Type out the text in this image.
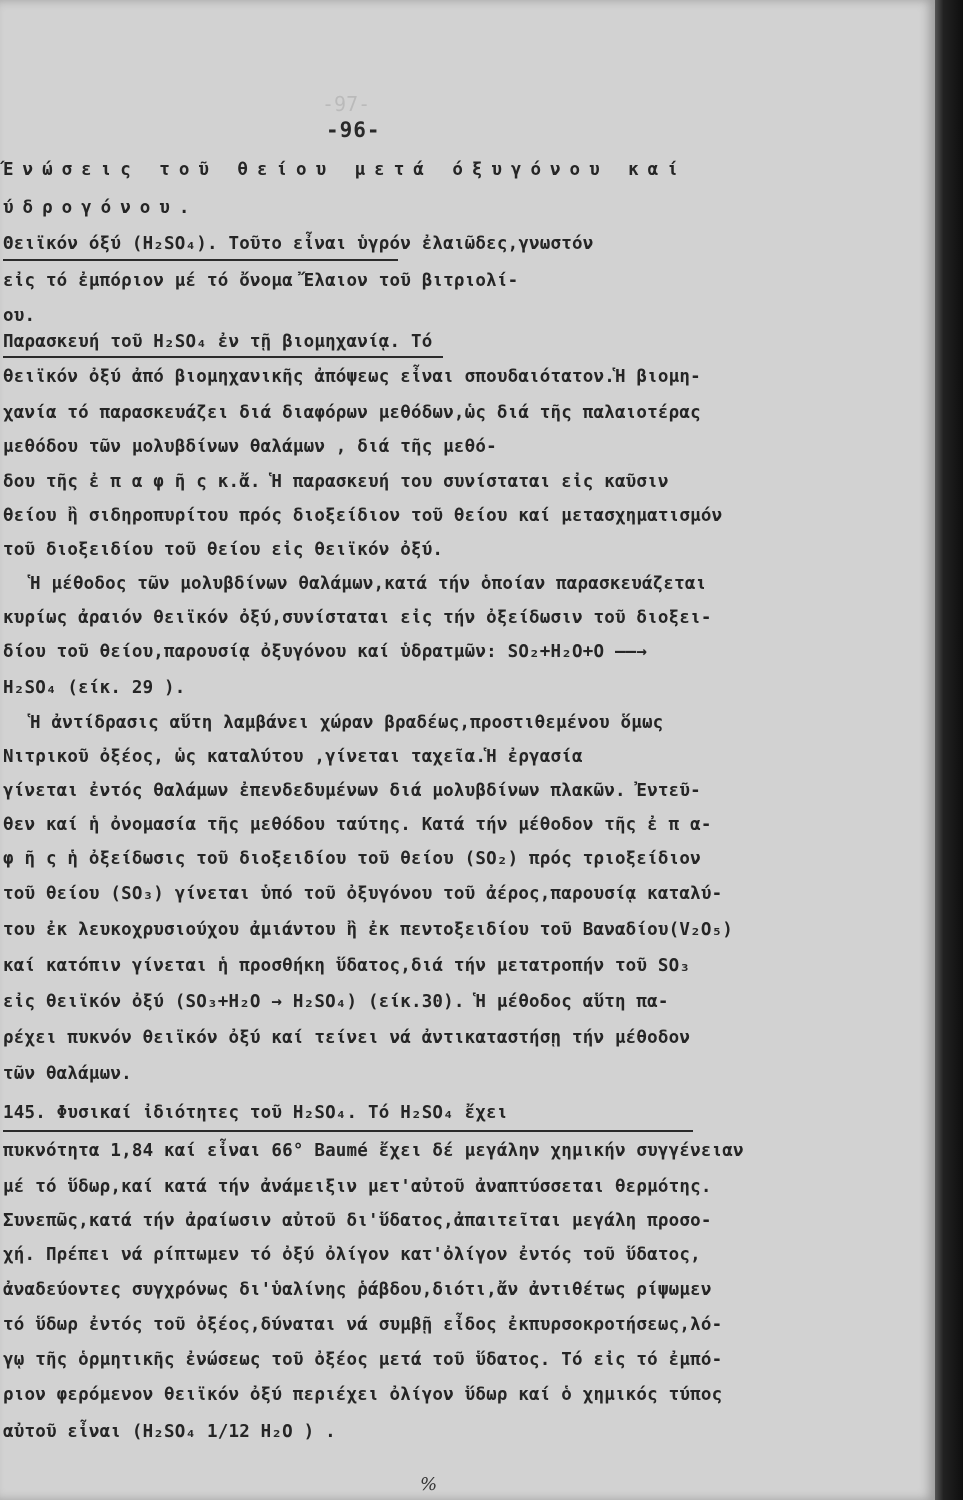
-97-
-96-
Ένώσεις τοῦ θείου μετά όξυγόνου καί
ύδρογόνου.
Θειϊκόν όξύ (H₂SO₄). Τοῦτο εἶναι ὑγρόν ἐλαιῶδες,γνωστόν
εἰς τό ἐμπόριον μέ τό ὄνομα Ἔλαιον τοῦ βιτριολί-
ου.
Παρασκευή τοῦ H₂SO₄ ἐν τῇ βιομηχανίᾳ. Τό
θειϊκόν ὀξύ ἀπό βιομηχανικῆς ἀπόψεως εἶναι σπουδαιότατον.Ἡ βιομη-
χανία τό παρασκευάζει διά διαφόρων μεθόδων,ὡς διά τῆς παλαιοτέρας
μεθόδου τῶν μολυβδίνων θαλάμων , διά τῆς μεθό-
δου τῆς ἐ π α φ ῆ ς κ.ἄ. Ἡ παρασκευή του συνίσταται εἰς καῦσιν
θείου ἢ σιδηροπυρίτου πρός διοξείδιον τοῦ θείου καί μετασχηματισμόν
τοῦ διοξειδίου τοῦ θείου εἰς θειϊκόν ὀξύ.
Ἡ μέθοδος τῶν μολυβδίνων θαλάμων,κατά τήν ὁποίαν παρασκευάζεται
κυρίως ἀραιόν θειϊκόν ὀξύ,συνίσταται εἰς τήν ὀξείδωσιν τοῦ διοξει-
δίου τοῦ θείου,παρουσίᾳ ὀξυγόνου καί ὑδρατμῶν: SO₂+H₂O+O ——→
H₂SO₄ (είκ. 29 ).
Ἡ ἀντίδρασις αὕτη λαμβάνει χώραν βραδέως,προστιθεμένου ὅμως
Νιτρικοῦ ὀξέος, ὡς καταλύτου ,γίνεται ταχεῖα.Ἡ ἐργασία
γίνεται ἐντός θαλάμων ἐπενδεδυμένων διά μολυβδίνων πλακῶν. Ἐντεῦ-
θεν καί ἡ ὀνομασία τῆς μεθόδου ταύτης. Κατά τήν μέθοδον τῆς ἐ π α-
φ ῆ ς ἡ ὀξείδωσις τοῦ διοξειδίου τοῦ θείου (SO₂) πρός τριοξείδιον
τοῦ θείου (SO₃) γίνεται ὑπό τοῦ ὀξυγόνου τοῦ ἀέρος,παρουσίᾳ καταλύ-
του ἐκ λευκοχρυσιούχου ἀμιάντου ἢ ἐκ πεντοξειδίου τοῦ Βαναδίου(V₂O₅)
καί κατόπιν γίνεται ἡ προσθήκη ὕδατος,διά τήν μετατροπήν τοῦ SO₃
εἰς θειϊκόν ὀξύ (SO₃+H₂O → H₂SO₄) (είκ.30). Ἡ μέθοδος αὕτη πα-
ρέχει πυκνόν θειϊκόν ὀξύ καί τείνει νά ἀντικαταστήσῃ τήν μέθοδον
τῶν θαλάμων.
145. Φυσικαί ἰδιότητες τοῦ H₂SO₄. Τό H₂SO₄ ἔχει
πυκνότητα 1,84 καί εἶναι 66° Baumé ἔχει δέ μεγάλην χημικήν συγγένειαν
μέ τό ὕδωρ,καί κατά τήν ἀνάμειξιν μετ'αὐτοῦ ἀναπτύσσεται θερμότης.
Συνεπῶς,κατά τήν ἀραίωσιν αὐτοῦ δι'ὕδατος,ἀπαιτεῖται μεγάλη προσο-
χή. Πρέπει νά ρίπτωμεν τό ὀξύ ὀλίγον κατ'ὀλίγον ἐντός τοῦ ὕδατος,
ἀναδεύοντες συγχρόνως δι'ὑαλίνης ῥάβδου,διότι,ἄν ἀντιθέτως ρίψωμεν
τό ὕδωρ ἐντός τοῦ ὀξέος,δύναται νά συμβῇ εἶδος ἐκπυρσοκροτήσεως,λό-
γῳ τῆς ὁρμητικῆς ἐνώσεως τοῦ ὀξέος μετά τοῦ ὕδατος. Τό εἰς τό ἐμπό-
ριον φερόμενον θειϊκόν ὀξύ περιέχει ὀλίγον ὕδωρ καί ὁ χημικός τύπος
αὐτοῦ εἶναι (H₂SO₄ 1/12 H₂O ) .
%
